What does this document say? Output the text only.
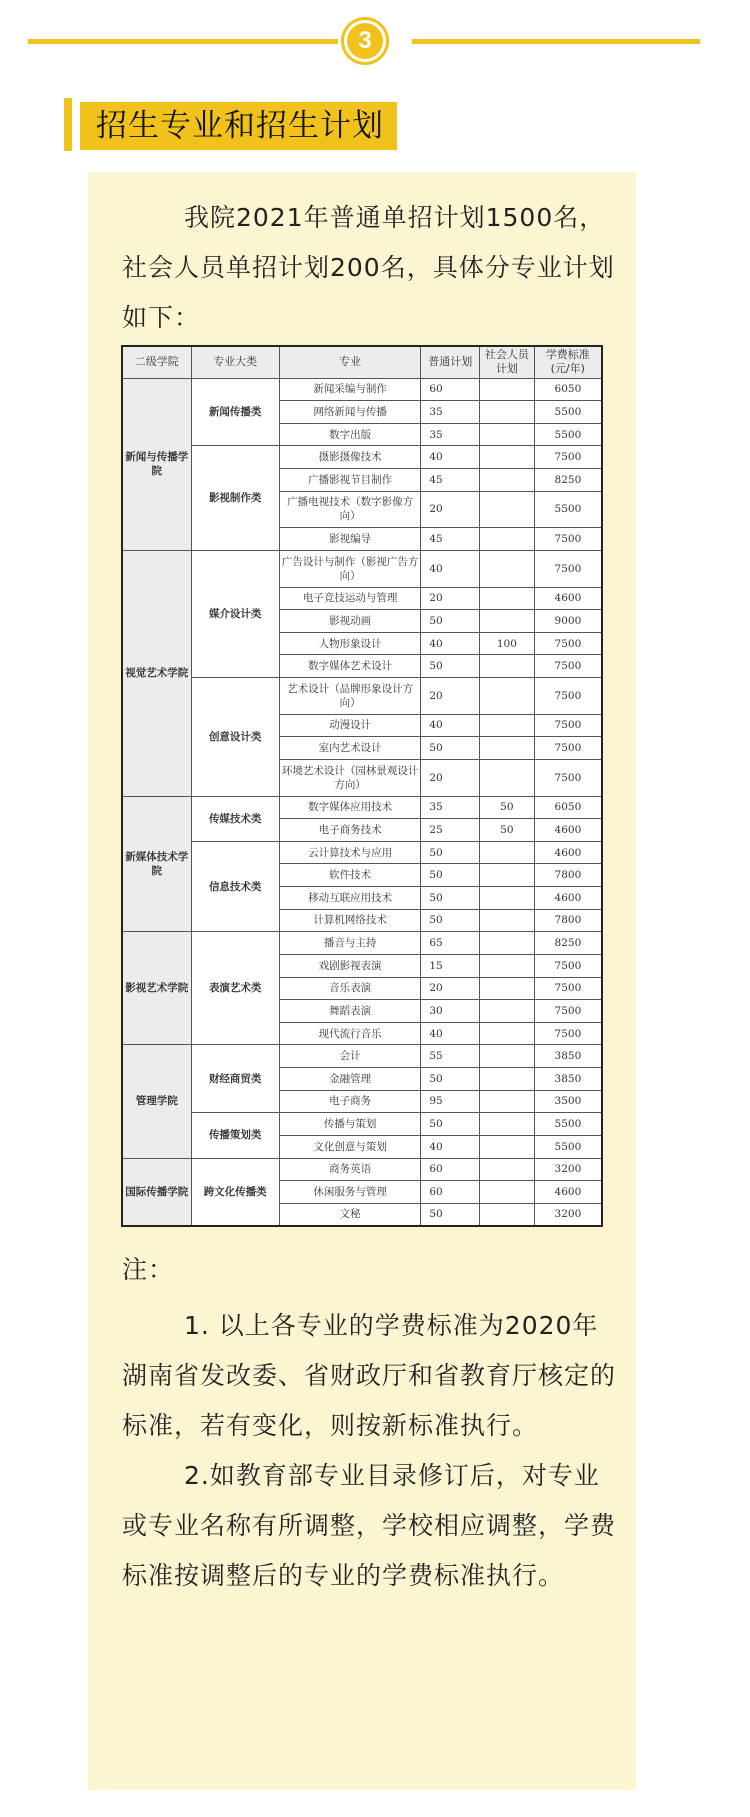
3
招生专业和招生计划
我院2021年普通单招计划1500名，社会人员单招计划200名，具体分专业计划如下：
二级学院	专业大类	专业	普通计划	社会人员计划	学费标准(元/年)
新闻与传播学院	新闻传播类	新闻采编与制作	60		6050
		网络新闻与传播	35		5500
		数字出版	35		5500
	影视制作类	摄影摄像技术	40		7500
		广播影视节目制作	45		8250
		广播电视技术（数字影像方向）	20		5500
		影视编导	45		7500
视觉艺术学院	媒介设计类	广告设计与制作（影视广告方向）	40		7500
		电子竞技运动与管理	20		4600
		影视动画	50		9000
		人物形象设计	40	100	7500
		数字媒体艺术设计	50		7500
	创意设计类	艺术设计（品牌形象设计方向）	20		7500
		动漫设计	40		7500
		室内艺术设计	50		7500
		环境艺术设计（园林景观设计方向）	20		7500
新媒体技术学院	传媒技术类	数字媒体应用技术	35	50	6050
		电子商务技术	25	50	4600
	信息技术类	云计算技术与应用	50		4600
		软件技术	50		7800
		移动互联应用技术	50		4600
		计算机网络技术	50		7800
影视艺术学院	表演艺术类	播音与主持	65		8250
		戏剧影视表演	15		7500
		音乐表演	20		7500
		舞蹈表演	30		7500
		现代流行音乐	40		7500
管理学院	财经商贸类	会计	55		3850
		金融管理	50		3850
		电子商务	95		3500
	传播策划类	传播与策划	50		5500
		文化创意与策划	40		5500
国际传播学院	跨文化传播类	商务英语	60		3200
		休闲服务与管理	60		4600
		文秘	50		3200

注：

1. 以上各专业的学费标准为2020年湖南省发改委、省财政厅和省教育厅核定的标准，若有变化，则按新标准执行。

2.如教育部专业目录修订后，对专业或专业名称有所调整，学校相应调整，学费标准按调整后的专业的学费标准执行。
